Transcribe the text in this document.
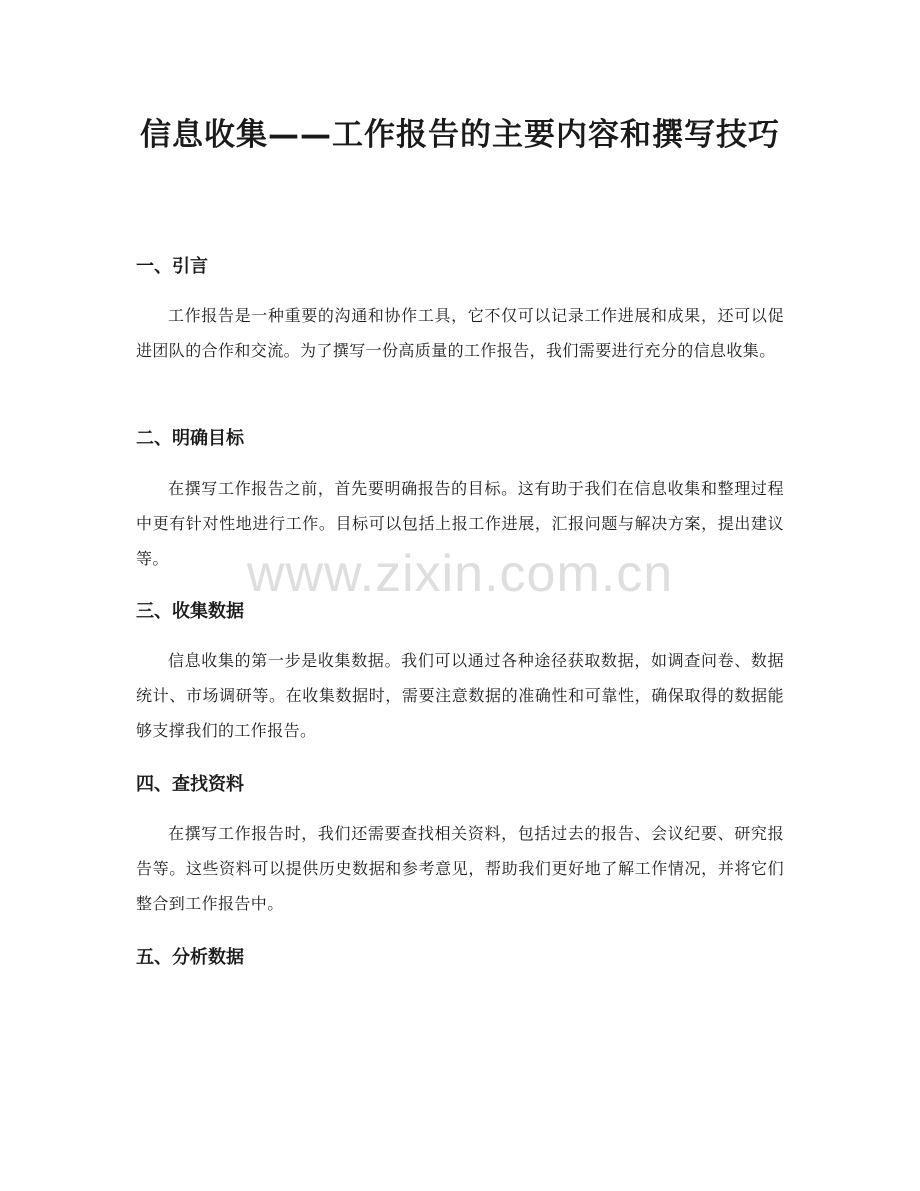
信息收集——工作报告的主要内容和撰写技巧
一、引言

工作报告是一种重要的沟通和协作工具，它不仅可以记录工作进展和成果，还可以促进团队的合作和交流。为了撰写一份高质量的工作报告，我们需要进行充分的信息收集。

二、明确目标

在撰写工作报告之前，首先要明确报告的目标。这有助于我们在信息收集和整理过程中更有针对性地进行工作。目标可以包括上报工作进展，汇报问题与解决方案，提出建议等。

三、收集数据

信息收集的第一步是收集数据。我们可以通过各种途径获取数据，如调查问卷、数据统计、市场调研等。在收集数据时，需要注意数据的准确性和可靠性，确保取得的数据能够支撑我们的工作报告。

四、查找资料

在撰写工作报告时，我们还需要查找相关资料，包括过去的报告、会议纪要、研究报告等。这些资料可以提供历史数据和参考意见，帮助我们更好地了解工作情况，并将它们整合到工作报告中。

五、分析数据
www.zixin.com.cn
